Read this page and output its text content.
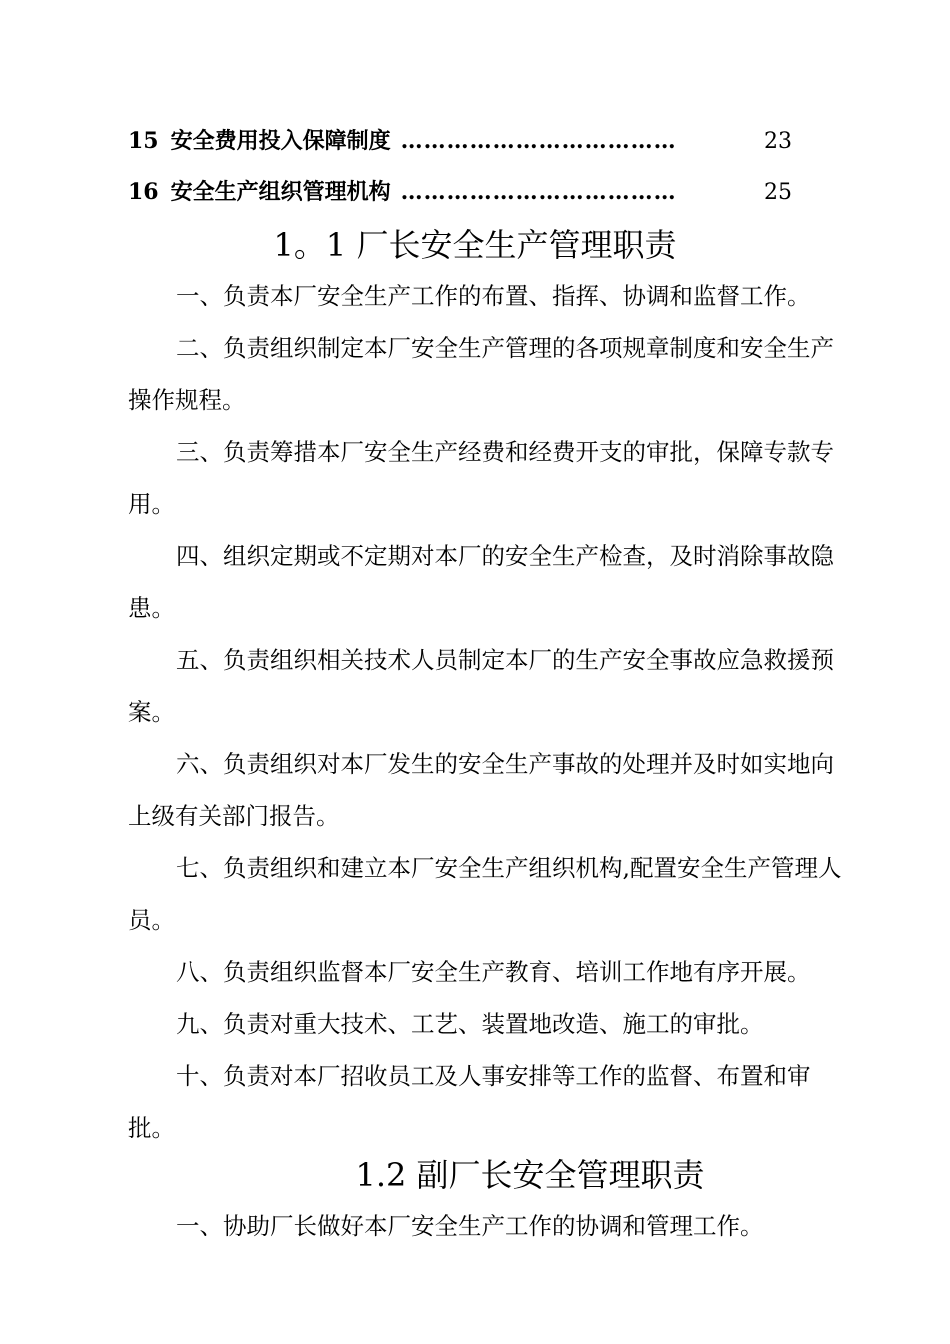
15 安全费用投入保障制度 ………………………………	23
16 安全生产组织管理机构 ………………………………	25
1。1 厂长安全生产管理职责
一、负责本厂安全生产工作的布置、指挥、协调和监督工作。
二、负责组织制定本厂安全生产管理的各项规章制度和安全生产操作规程。
三、负责筹措本厂安全生产经费和经费开支的审批，保障专款专用。
四、组织定期或不定期对本厂的安全生产检查，及时消除事故隐患。
五、负责组织相关技术人员制定本厂的生产安全事故应急救援预案。
六、负责组织对本厂发生的安全生产事故的处理并及时如实地向上级有关部门报告。
七、负责组织和建立本厂安全生产组织机构,配置安全生产管理人员。
八、负责组织监督本厂安全生产教育、培训工作地有序开展。
九、负责对重大技术、工艺、装置地改造、施工的审批。
十、负责对本厂招收员工及人事安排等工作的监督、布置和审批。
1.2 副厂长安全管理职责
一、协助厂长做好本厂安全生产工作的协调和管理工作。
